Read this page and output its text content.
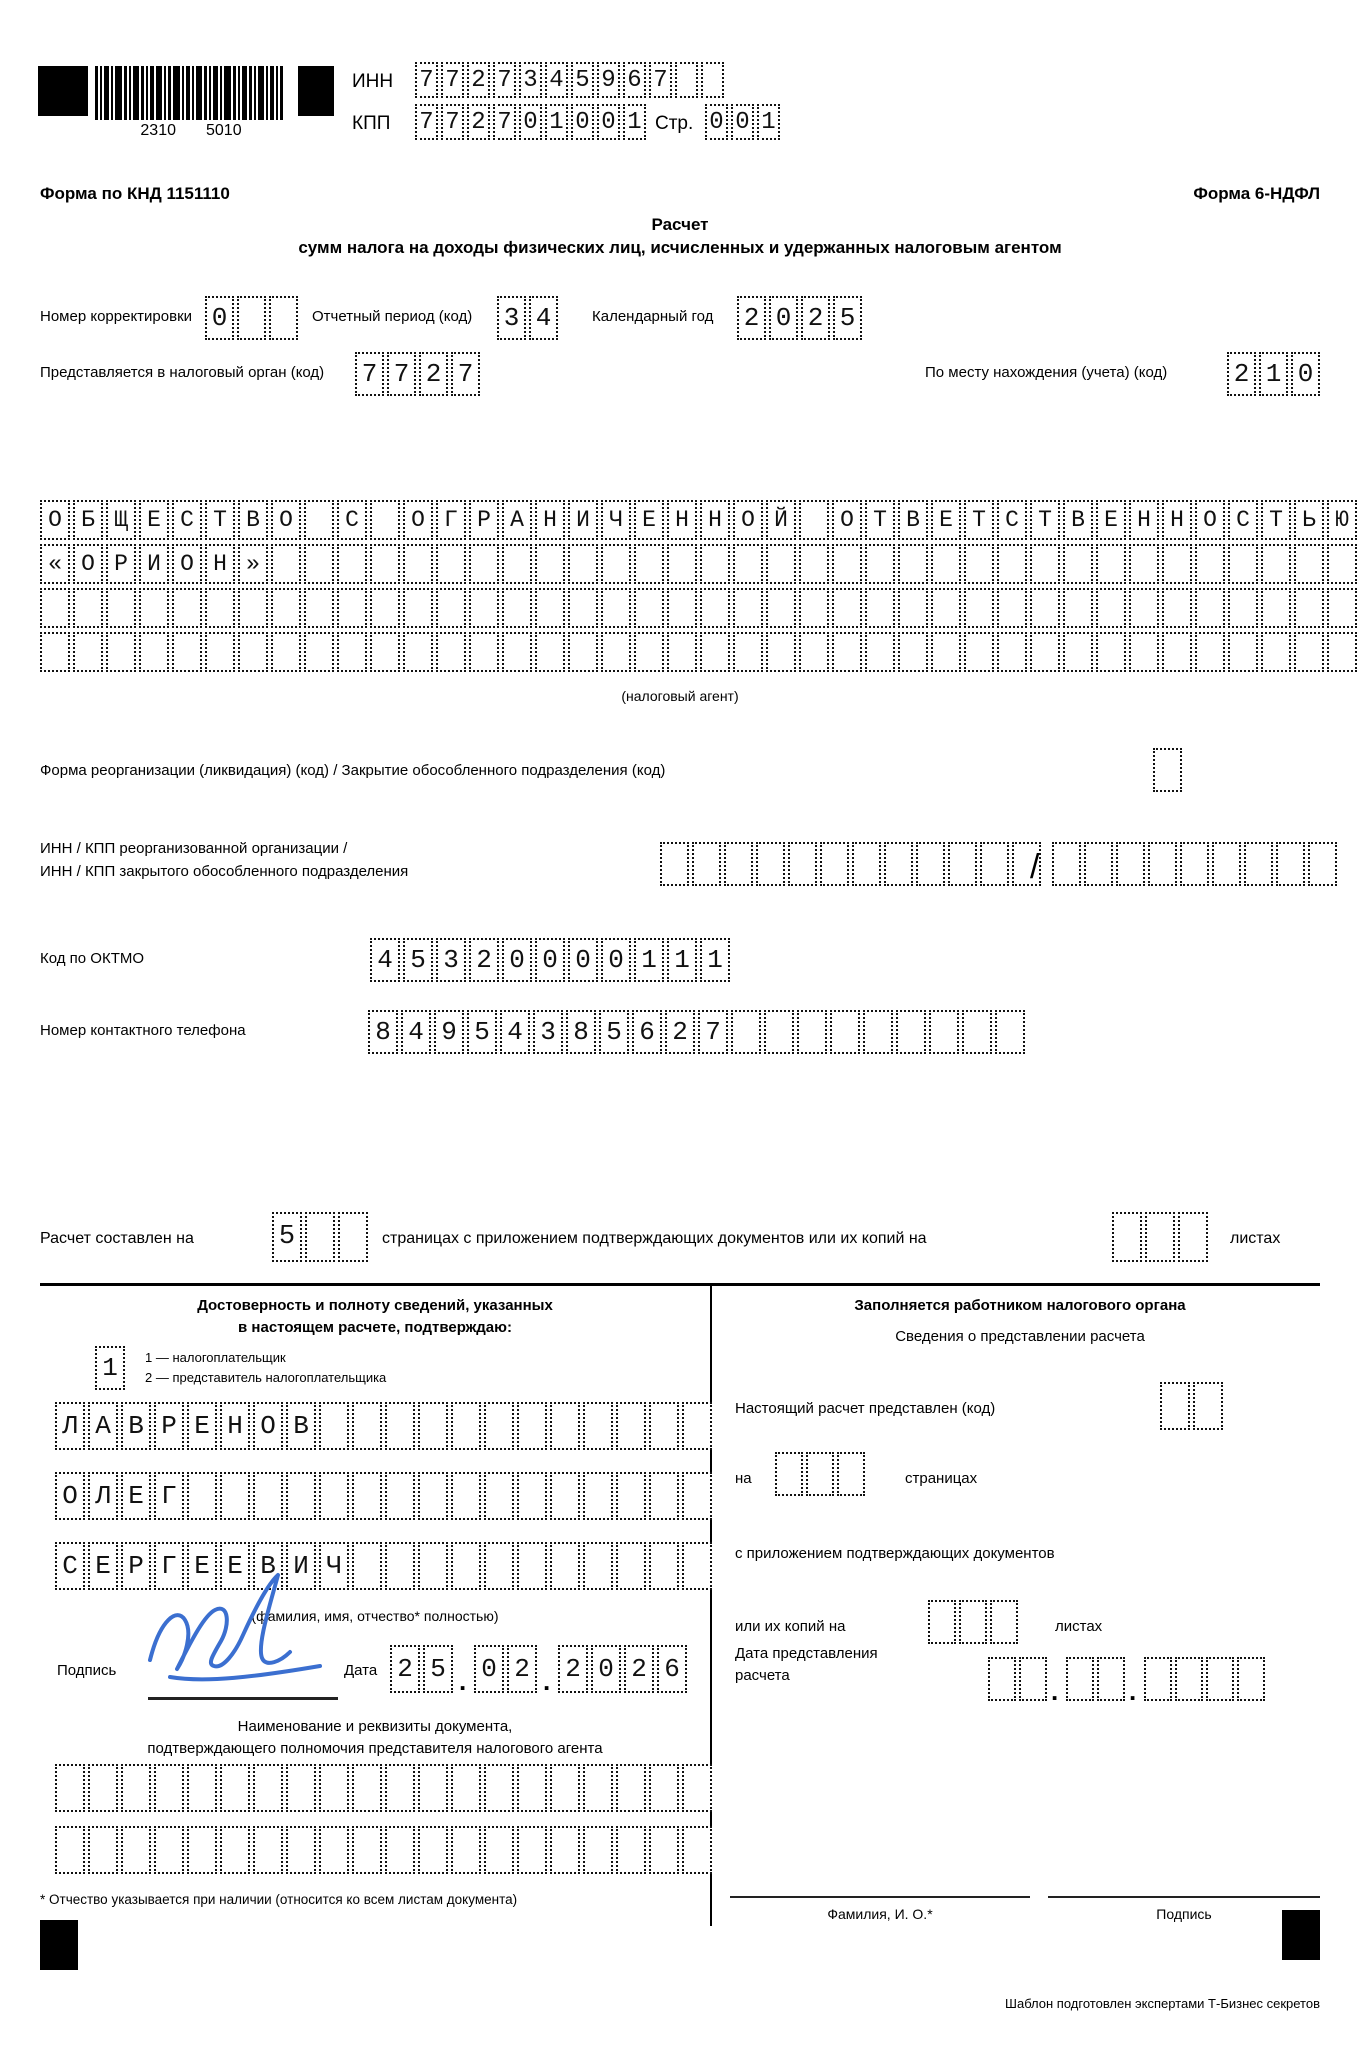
2310 5010
ИНН 7 7 2 7 3 4 5 9 6 7
КПП 7 7 2 7 0 1 0 0 1 Стр. 0 0 1
Форма по КНД 1151110	Форма 6-НДФЛ
Расчет
сумм налога на доходы физических лиц, исчисленных и удержанных налоговым агентом
Номер корректировки 0	Отчетный период (код) 3 4	Календарный год 2 0 2 5
Представляется в налоговый орган (код) 7 7 2 7	По месту нахождения (учета) (код)	2 1 0
О Б Щ Е С Т В О	С	О Г Р А Н И Ч Е Н Н О Й	О Т В Е Т С Т В Е Н Н О С Т Ь Ю
« О Р И О Н »
(налоговый агент)
Форма реорганизации (ликвидация) (код) / Закрытие обособленного подразделения (код)
ИНН / КПП реорганизованной организации /
ИНН / КПП закрытого обособленного подразделения	/
Код по ОКТМО	4 5 3 2 0 0 0 0 1 1 1
Номер контактного телефона	8 4 9 5 4 3 8 5 6 2 7
Расчет составлен на	5	страницах с приложением подтверждающих документов или их копий на	листах
Достоверность и полноту сведений, указанных
в настоящем расчете, подтверждаю:
1	1 — налогоплательщик
2 — представитель налогоплательщика
Л А В Р Е Н О В
О Л Е Г
С Е Р Г Е Е В И Ч
(фамилия, имя, отчество* полностью)
Подпись	Дата 2 5 . 0 2 . 2 0 2 6
Наименование и реквизиты документа,
подтверждающего полномочия представителя налогового агента
Заполняется работником налогового органа
Сведения о представлении расчета
Настоящий расчет представлен (код)
на	страницах
с приложением подтверждающих документов
или их копий на	листах
Дата представления
расчета
.	.
Фамилия, И. О.*	Подпись
* Отчество указывается при наличии (относится ко всем листам документа)
Шаблон подготовлен экспертами Т-Бизнес секретов
